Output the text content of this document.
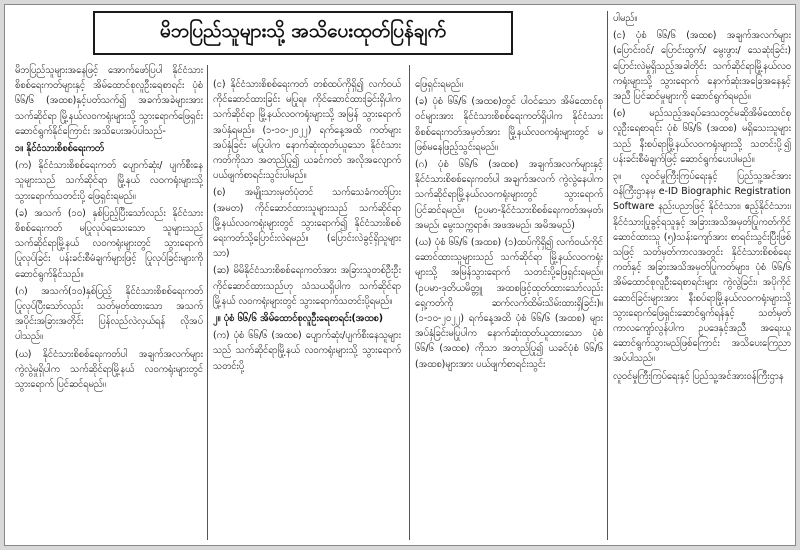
မိဘပြည်သူများသို့ အသိပေးထုတ်ပြန်ချက်

မိဘပြည်သူများအနေဖြင့် အောက်ဖော်ပြပါ နိုင်ငံသားစိစစ်ရေးကတ်များနှင့် အိမ်ထောင်စုလူဦးရေစာရင်း ပုံစံ ၆၆/၆ (အထစ)နှင့်ပတ်သက်၍ အခက်အခဲများအား သက်ဆိုင်ရာ မြို့နယ်လဝကရုံးများသို့ သွားရောက်ဖြေရှင်းဆောင်ရွက်နိုင်ကြောင်း အသိပေးအပ်ပါသည်-

၁။ နိုင်ငံသားစိစစ်ရေးကတ်

(က) နိုင်ငံသားစိစစ်ရေးကတ် ပျောက်ဆုံး/ ပျက်စီးနေသူများသည် သက်ဆိုင်ရာ မြို့နယ် လဝကရုံးများသို့ သွားရောက်သတင်းပို့ ဖြေရှင်းရမည်။

(ခ) အသက် (၁၀) နှစ်ပြည့်ပြီးသော်လည်း နိုင်ငံသားစိစစ်ရေးကတ် မပြုလုပ်ရသေးသော သူများသည် သက်ဆိုင်ရာမြို့နယ် လဝကရုံးများတွင် သွားရောက်ပြုလုပ်ခြင်း ပန်းခင်းစီမံချက်များဖြင့် ပြုလုပ်ခြင်းများကို ဆောင်ရွက်နိုင်သည်။

(ဂ) အသက်(၁၀)နှစ်ပြည့် နိုင်ငံသားစိစစ်ရေးကတ် ပြုလုပ်ပြီးသော်လည်း သတ်မှတ်ထားသော အသက်အပိုင်းအခြားအတိုင်း ပြန်လည်လဲလှယ်ရန် လိုအပ်ပါသည်။

(ဃ) နိုင်ငံသားစိစစ်ရေးကတ်ပါ အချက်အလက်များ ကွဲလွဲမှုရှိပါက သက်ဆိုင်ရာမြို့နယ် လဝကရုံးများတွင် သွားရောက် ပြင်ဆင်ရမည်။

(င) နိုင်ငံသားစိစစ်ရေးကတ် တစ်ထပ်ကိုရှိ၍ လက်ဝယ်ကိုင်ဆောင်ထားခြင်း မပြုရ။ ကိုင်ဆောင်ထားခြင်းရှိပါက သက်ဆိုင်ရာ မြို့နယ်လဝကရုံးများသို့ အမြန် သွားရောက်အပ်နှံရမည်။ (၁-၁၀-၂၀၂၂) ရက်နေ့အထိ ကတ်များအပ်နှံခြင်း မပြုပါက နောက်ဆုံးထုတ်ယူသော နိုင်ငံသားကတ်ကိုသာ အတည်ပြု၍ ယခင်ကတ် အလိုအလျောက် ပယ်ဖျက်စာရင်းသွင်းပါမည်။

(စ) အမျိုးသားမှတ်ပုံတင် သက်သေခံကတ်ပြား (အမတ) ကိုင်ဆောင်ထားသူများသည် သက်ဆိုင်ရာမြို့နယ်လဝကရုံးများတွင် သွားရောက်၍ နိုင်ငံသားစိစစ်ရေးကတ်သို့ပြောင်းလဲရမည်။ (ပြောင်းလဲခွင့်ရှိသူများသာ)

(ဆ) မိမိနိုင်ငံသားစိစစ်ရေးကတ်အား အခြားသူတစ်ဦးဦး ကိုင်ဆောင်ထားသည်ဟု သံသယရှိပါက သက်ဆိုင်ရာ မြို့နယ် လဝကရုံးများတွင် သွားရောက်သတင်းပို့ရမည်။

၂။ ပုံစံ ၆၆/၆ အိမ်ထောင်စုလူဦးရေစာရင်း(အထစ)

(က) ပုံစံ ၆၆/၆ (အထစ) ပျောက်ဆုံး/ပျက်စီးနေသူများသည် သက်ဆိုင်ရာမြို့နယ် လဝကရုံးများသို့ သွားရောက်သတင်းပို့

ဖြေရှင်းရမည်။

(ခ) ပုံစံ ၆၆/၆ (အထစ)တွင် ပါဝင်သော အိမ်ထောင်စုဝင်များအား နိုင်ငံသားစိစစ်ရေးကတ်ရှိပါက နိုင်ငံသားစိစစ်ရေးကတ်အမှတ်အား မြို့နယ်လဝကရုံးများတွင် မဖြစ်မနေဖြည့်သွင်းရမည်။

(ဂ) ပုံစံ ၆၆/၆ (အထစ) အချက်အလက်များနှင့် နိုင်ငံသားစိစစ်ရေးကတ်ပါ အချက်အလက် ကွဲလွဲနေပါက သက်ဆိုင်ရာမြို့နယ်လဝကရုံးများတွင် သွားရောက်ပြင်ဆင်ရမည်။ (ဥပမာ-နိုင်ငံသားစိစစ်ရေးကတ်အမှတ်၊ အမည်၊ မွေးသက္ကရာဇ်၊ အဖအမည်၊ အမိအမည်)

(ဃ) ပုံစံ ၆၆/၆ (အထစ) (၁)ထပ်ကိုရှိ၍ လက်ဝယ်ကိုင်ဆောင်ထားသူများသည် သက်ဆိုင်ရာ မြို့နယ်လဝကရုံးများသို့ အမြန်သွားရောက် သတင်းပို့ဖြေရှင်းရမည်။ (ဥပမာ-ဒုတိယမိတ္တူ အထစဖြင့်ထုတ်ထားသော်လည်း ရှေ့ကတ်ကို ဆက်လက်ထိမ်းသိမ်းထားရှိခြင်း)။ (၁-၁၀-၂၀၂၂) ရက်နေ့အထိ ပုံစံ ၆၆/၆ (အထစ) များ အပ်နှံခြင်းမပြုပါက နောက်ဆုံးထုတ်ယူထားသော ပုံစံ ၆၆/၆ (အထစ) ကိုသာ အတည်ပြု၍ ယခင်ပုံစံ ၆၆/၆ (အထစ)များအား ပယ်ဖျက်စာရင်းသွင်း

ပါမည်။

(င) ပုံစံ ၆၆/၆ (အထစ) အချက်အလက်များ (ပြောင်းဝင်/ ပြောင်းထွက်/ မွေးဖွား/ သေဆုံးခြင်း) ပြောင်းလဲမှုရှိသည့်အခါတိုင်း သက်ဆိုင်ရာမြို့နယ်လဝကရုံးများသို့ သွားရောက် နောက်ဆုံးအခြေအနေနှင့်အညီ ပြင်ဆင်မှုများကို ဆောင်ရွက်ရမည်။

(စ) မည်သည့်အရပ်ဒေသတွင်မဆိုအိမ်ထောင်စုလူဦးရေစာရင်း ပုံစံ ၆၆/၆ (အထစ) မရှိသေးသူများသည် နီးစပ်ရာမြို့နယ်လဝကရုံးများသို့ သတင်းပို့၍ ပန်းခင်းစီမံချက်ဖြင့် ဆောင်ရွက်ပေးပါမည်။

၃။ လူဝင်မှုကြီးကြပ်ရေးနှင့် ပြည်သူ့အင်အားဝန်ကြီးဌာနမှ e-ID Biographic Registration Software နည်းပညာဖြင့် နိုင်ငံသား၊ ဧည့်နိုင်ငံသား၊ နိုင်ငံသားပြုခွင့်ရသူနှင့် အခြားအသိအမှတ်ပြုကတ်ကိုင်ဆောင်ထားသူ (၅)သန်းကျော်အား စာရင်းသွင်းပြီးဖြစ်သဖြင့် သတ်မှတ်ကာလအတွင်း နိုင်ငံသားစိစစ်ရေးကတ်နှင့် အခြားအသိအမှတ်ပြုကတ်များ၊ ပုံစံ ၆၆/၆ အိမ်ထောင်စုလူဦးရေစာရင်းများ ကွဲလွဲခြင်း၊ အပိုကိုင်ဆောင်ခြင်းများအား နီးစပ်ရာမြို့နယ်လဝကရုံးများသို့ သွားရောက်ဖြေရှင်းဆောင်ရွက်ရန်နှင့် သတ်မှတ်ကာလကျော်လွန်ပါက ဥပဒေနှင့်အညီ အရေးယူဆောင်ရွက်သွားမည်ဖြစ်ကြောင်း အသိပေးကြေညာအပ်ပါသည်။

လူဝင်မှုကြီးကြပ်ရေးနှင့် ပြည်သူ့အင်အားဝန်ကြီးဌာန
